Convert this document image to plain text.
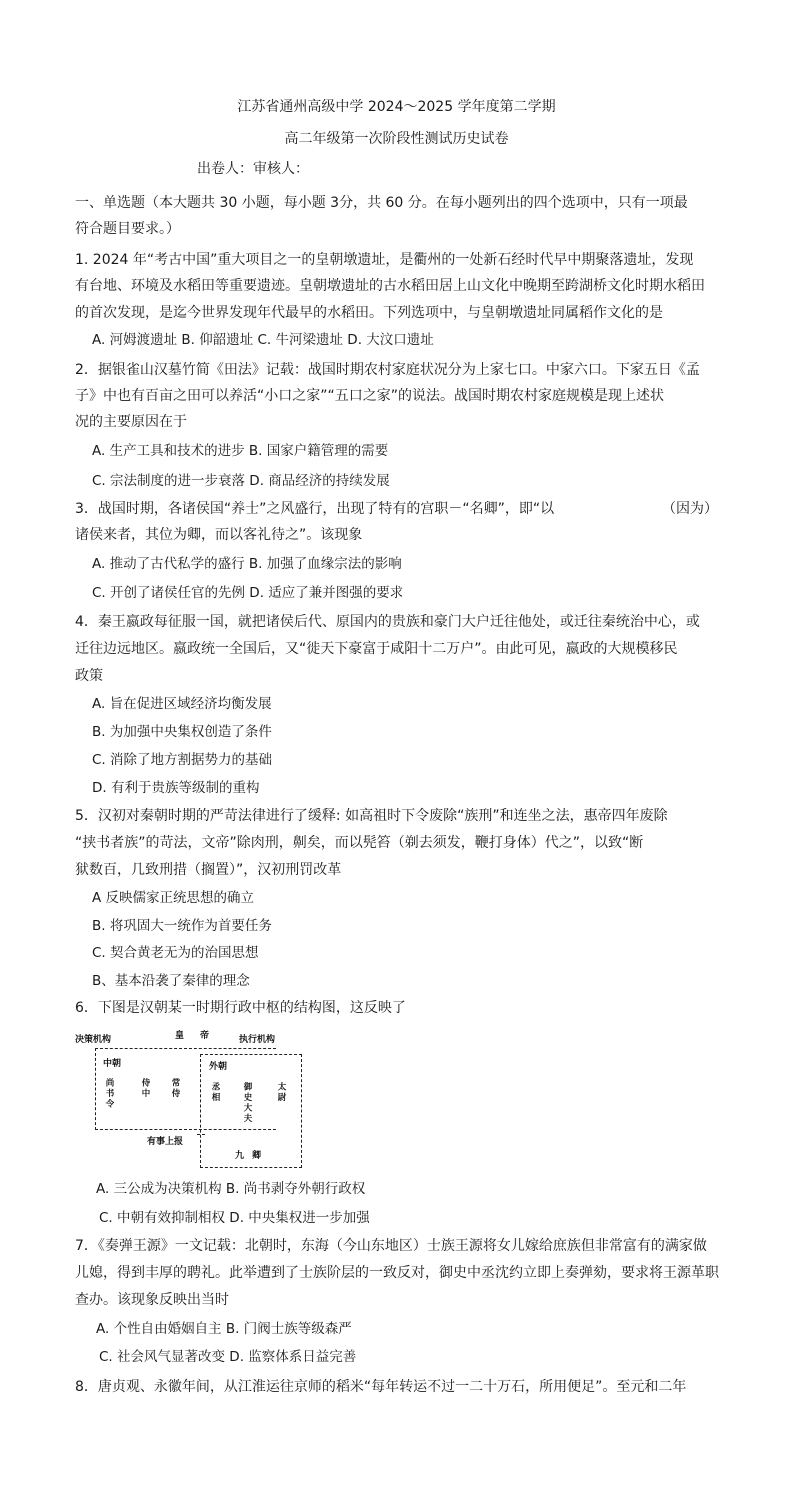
江苏省通州高级中学 2024～2025 学年度第二学期
高二年级第一次阶段性测试历史试卷
出卷人：审核人：
一、单选题（本大题共 30 小题，每小题 3分，共 60 分。在每小题列出的四个选项中，只有一项最
符合题目要求。）
1. 2024 年“考古中国”重大项目之一的皇朝墩遗址，是衢州的一处新石经时代早中期聚落遗址，发现
有台地、环境及水稻田等重要遗迹。皇朝墩遗址的古水稻田居上山文化中晚期至跨湖桥文化时期水稻田
的首次发现，是迄今世界发现年代最早的水稻田。下列选项中，与皇朝墩遗址同属稻作文化的是
A. 河姆渡遗址 B. 仰韶遗址 C. 牛河梁遗址 D. 大汶口遗址
2．据银雀山汉墓竹简《田法》记载：战国时期农村家庭状况分为上家七口。中家六口。下家五日《孟
子》中也有百亩之田可以养活“小口之家”“五口之家”的说法。战国时期农村家庭规模是现上述状
况的主要原因在于
A. 生产工具和技术的进步 B. 国家户籍管理的需要
C. 宗法制度的进一步衰落 D. 商品经济的持续发展
3．战国时期，各诸侯国“养士”之风盛行，出现了特有的宫职－“名卿”，即“以	（因为）
诸侯来者，其位为卿，而以客礼待之”。该现象
A. 推动了古代私学的盛行 B. 加强了血缘宗法的影响
C. 开创了诸侯任官的先例 D. 适应了兼并图强的要求
4．秦王嬴政每征服一国，就把诸侯后代、原国内的贵族和豪门大户迁往他处，或迁往秦统治中心，或
迁往边远地区。嬴政统一全国后，又“徙天下豪富于咸阳十二万户”。由此可见，嬴政的大规模移民
政策
A. 旨在促进区域经济均衡发展
B. 为加强中央集权创造了条件
C. 消除了地方割据势力的基础
D. 有利于贵族等级制的重构
5．汉初对秦朝时期的严苛法律进行了缓释: 如高祖时下令废除“族刑”和连坐之法，惠帝四年废除
“挟书者族”的苛法，文帝”除肉刑，劓矣，而以髡笞（剃去须发，鞭打身体）代之”，以致“断
狱数百，几致刑措（搁置）”，汉初刑罚改革
A 反映儒家正统思想的确立
B. 将巩固大一统作为首要任务
C. 契合黄老无为的治国思想
B、基本沿袭了秦律的理念
6．下图是汉朝某一时期行政中枢的结构图，这反映了
决策机构	皇帝 执行机构
中朝
尚书令	侍中 常侍
外朝
丞相	御史大夫	太尉
有事上报
九卿
A. 三公成为决策机构 B. 尚书剥夺外朝行政权
C. 中朝有效抑制相权 D. 中央集权进一步加强
7．《奏弹王源》一文记载：北朝时，东海（今山东地区）士族王源将女儿嫁给庶族但非常富有的满家做
儿媳，得到丰厚的聘礼。此举遭到了士族阶层的一致反对，御史中丞沈约立即上奏弹劾，要求将王源革职
查办。该现象反映出当时
A. 个性自由婚姻自主 B. 门阀士族等级森严
C. 社会风气显著改变 D. 监察体系日益完善
8．唐贞观、永徽年间，从江淮运往京师的稻米“每年转运不过一二十万石，所用便足”。至元和二年
